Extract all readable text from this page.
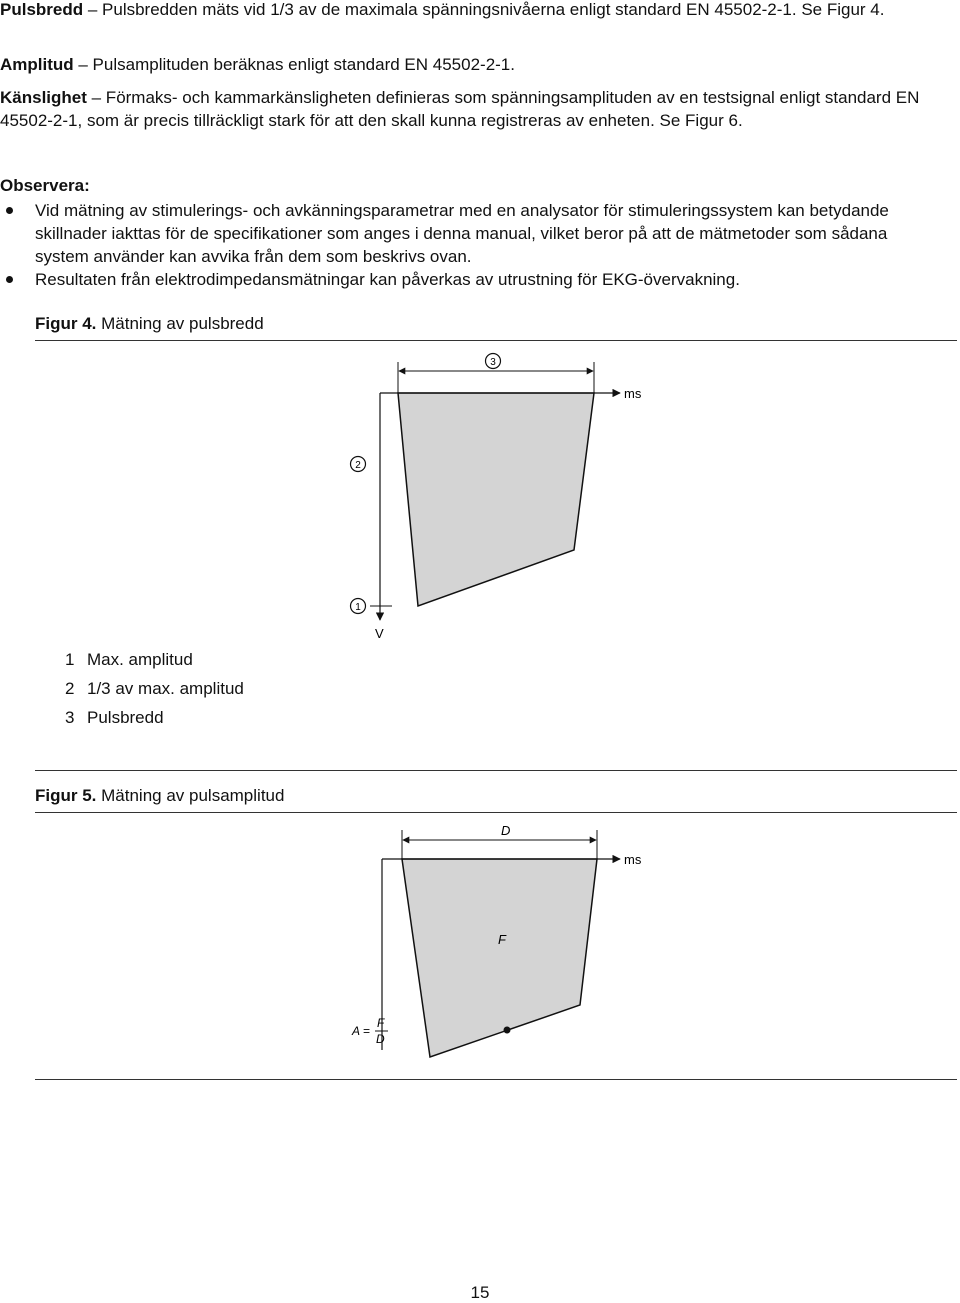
Pulsbredd – Pulsbredden mäts vid 1/3 av de maximala spänningsnivåerna enligt standard EN 45502-2-1. Se Figur 4.

Amplitud – Pulsamplituden beräknas enligt standard EN 45502-2-1.

Känslighet – Förmaks- och kammarkänsligheten definieras som spänningsamplituden av en testsignal enligt standard EN 45502-2-1, som är precis tillräckligt stark för att den skall kunna registreras av enheten. Se Figur 6.

Observera:
Vid mätning av stimulerings- och avkänningsparametrar med en analysator för stimuleringssystem kan betydande skillnader iakttas för de specifikationer som anges i denna manual, vilket beror på att de mätmetoder som sådana system använder kan avvika från dem som beskrivs ovan.
Resultaten från elektrodimpedansmätningar kan påverkas av utrustning för EKG-övervakning.
Figur 4. Mätning av pulsbredd
ms
V
3
2
1
ms
D
F
A =
F
D
1 Max. amplitud
2 1/3 av max. amplitud
3 Pulsbredd
Figur 5. Mätning av pulsamplitud
15
